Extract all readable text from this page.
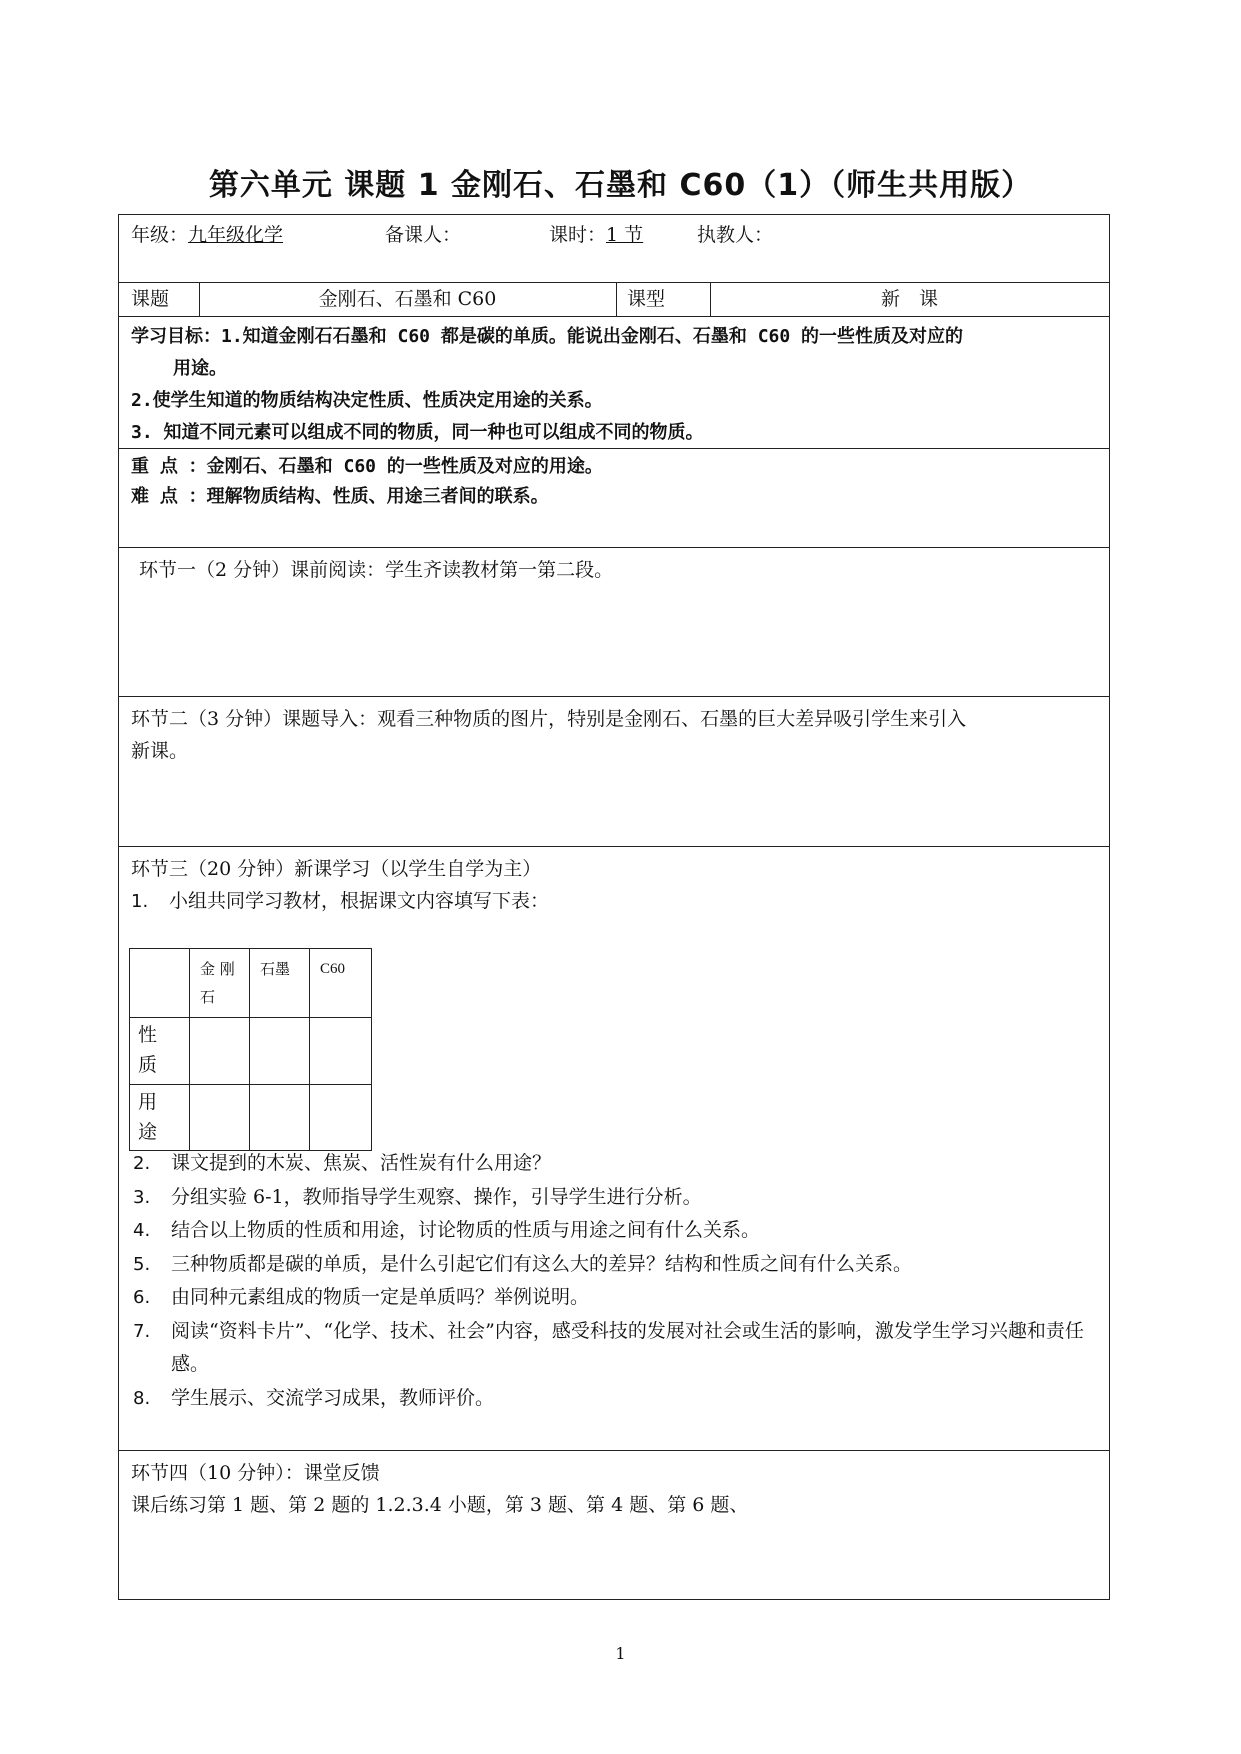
第六单元 课题 1 金刚石、石墨和 C60（1）（师生共用版）
年级：九年级化学	备课人：	课时：1 节	执教人：
课题	金刚石、石墨和 C60	课型	新　课
学习目标：1.知道金刚石石墨和 C60 都是碳的单质。能说出金刚石、石墨和 C60 的一些性质及对应的
用途。
2.使学生知道的物质结构决定性质、性质决定用途的关系。
3. 知道不同元素可以组成不同的物质，同一种也可以组成不同的物质。
重 点 ：金刚石、石墨和 C60 的一些性质及对应的用途。
难 点 ：理解物质结构、性质、用途三者间的联系。
环节一（2 分钟）课前阅读：学生齐读教材第一第二段。
环节二（3 分钟）课题导入：观看三种物质的图片，特别是金刚石、石墨的巨大差异吸引学生来引入
新课。
环节三（20 分钟）新课学习（以学生自学为主）
1. 小组共同学习教材，根据课文内容填写下表：
	金 刚 石	石墨	C60
性 质			
用 途			
2.	课文提到的木炭、焦炭、活性炭有什么用途？
3.	分组实验 6-1，教师指导学生观察、操作，引导学生进行分析。
4.	结合以上物质的性质和用途，讨论物质的性质与用途之间有什么关系。
5.	三种物质都是碳的单质，是什么引起它们有这么大的差异？结构和性质之间有什么关系。
6.	由同种元素组成的物质一定是单质吗？举例说明。
7.	阅读“资料卡片”、“化学、技术、社会”内容，感受科技的发展对社会或生活的影响，激发学生学习兴趣和责任感。
8.	学生展示、交流学习成果，教师评价。
环节四（10 分钟）：课堂反馈
课后练习第 1 题、第 2 题的 1.2.3.4 小题，第 3 题、第 4 题、第 6 题、
1
